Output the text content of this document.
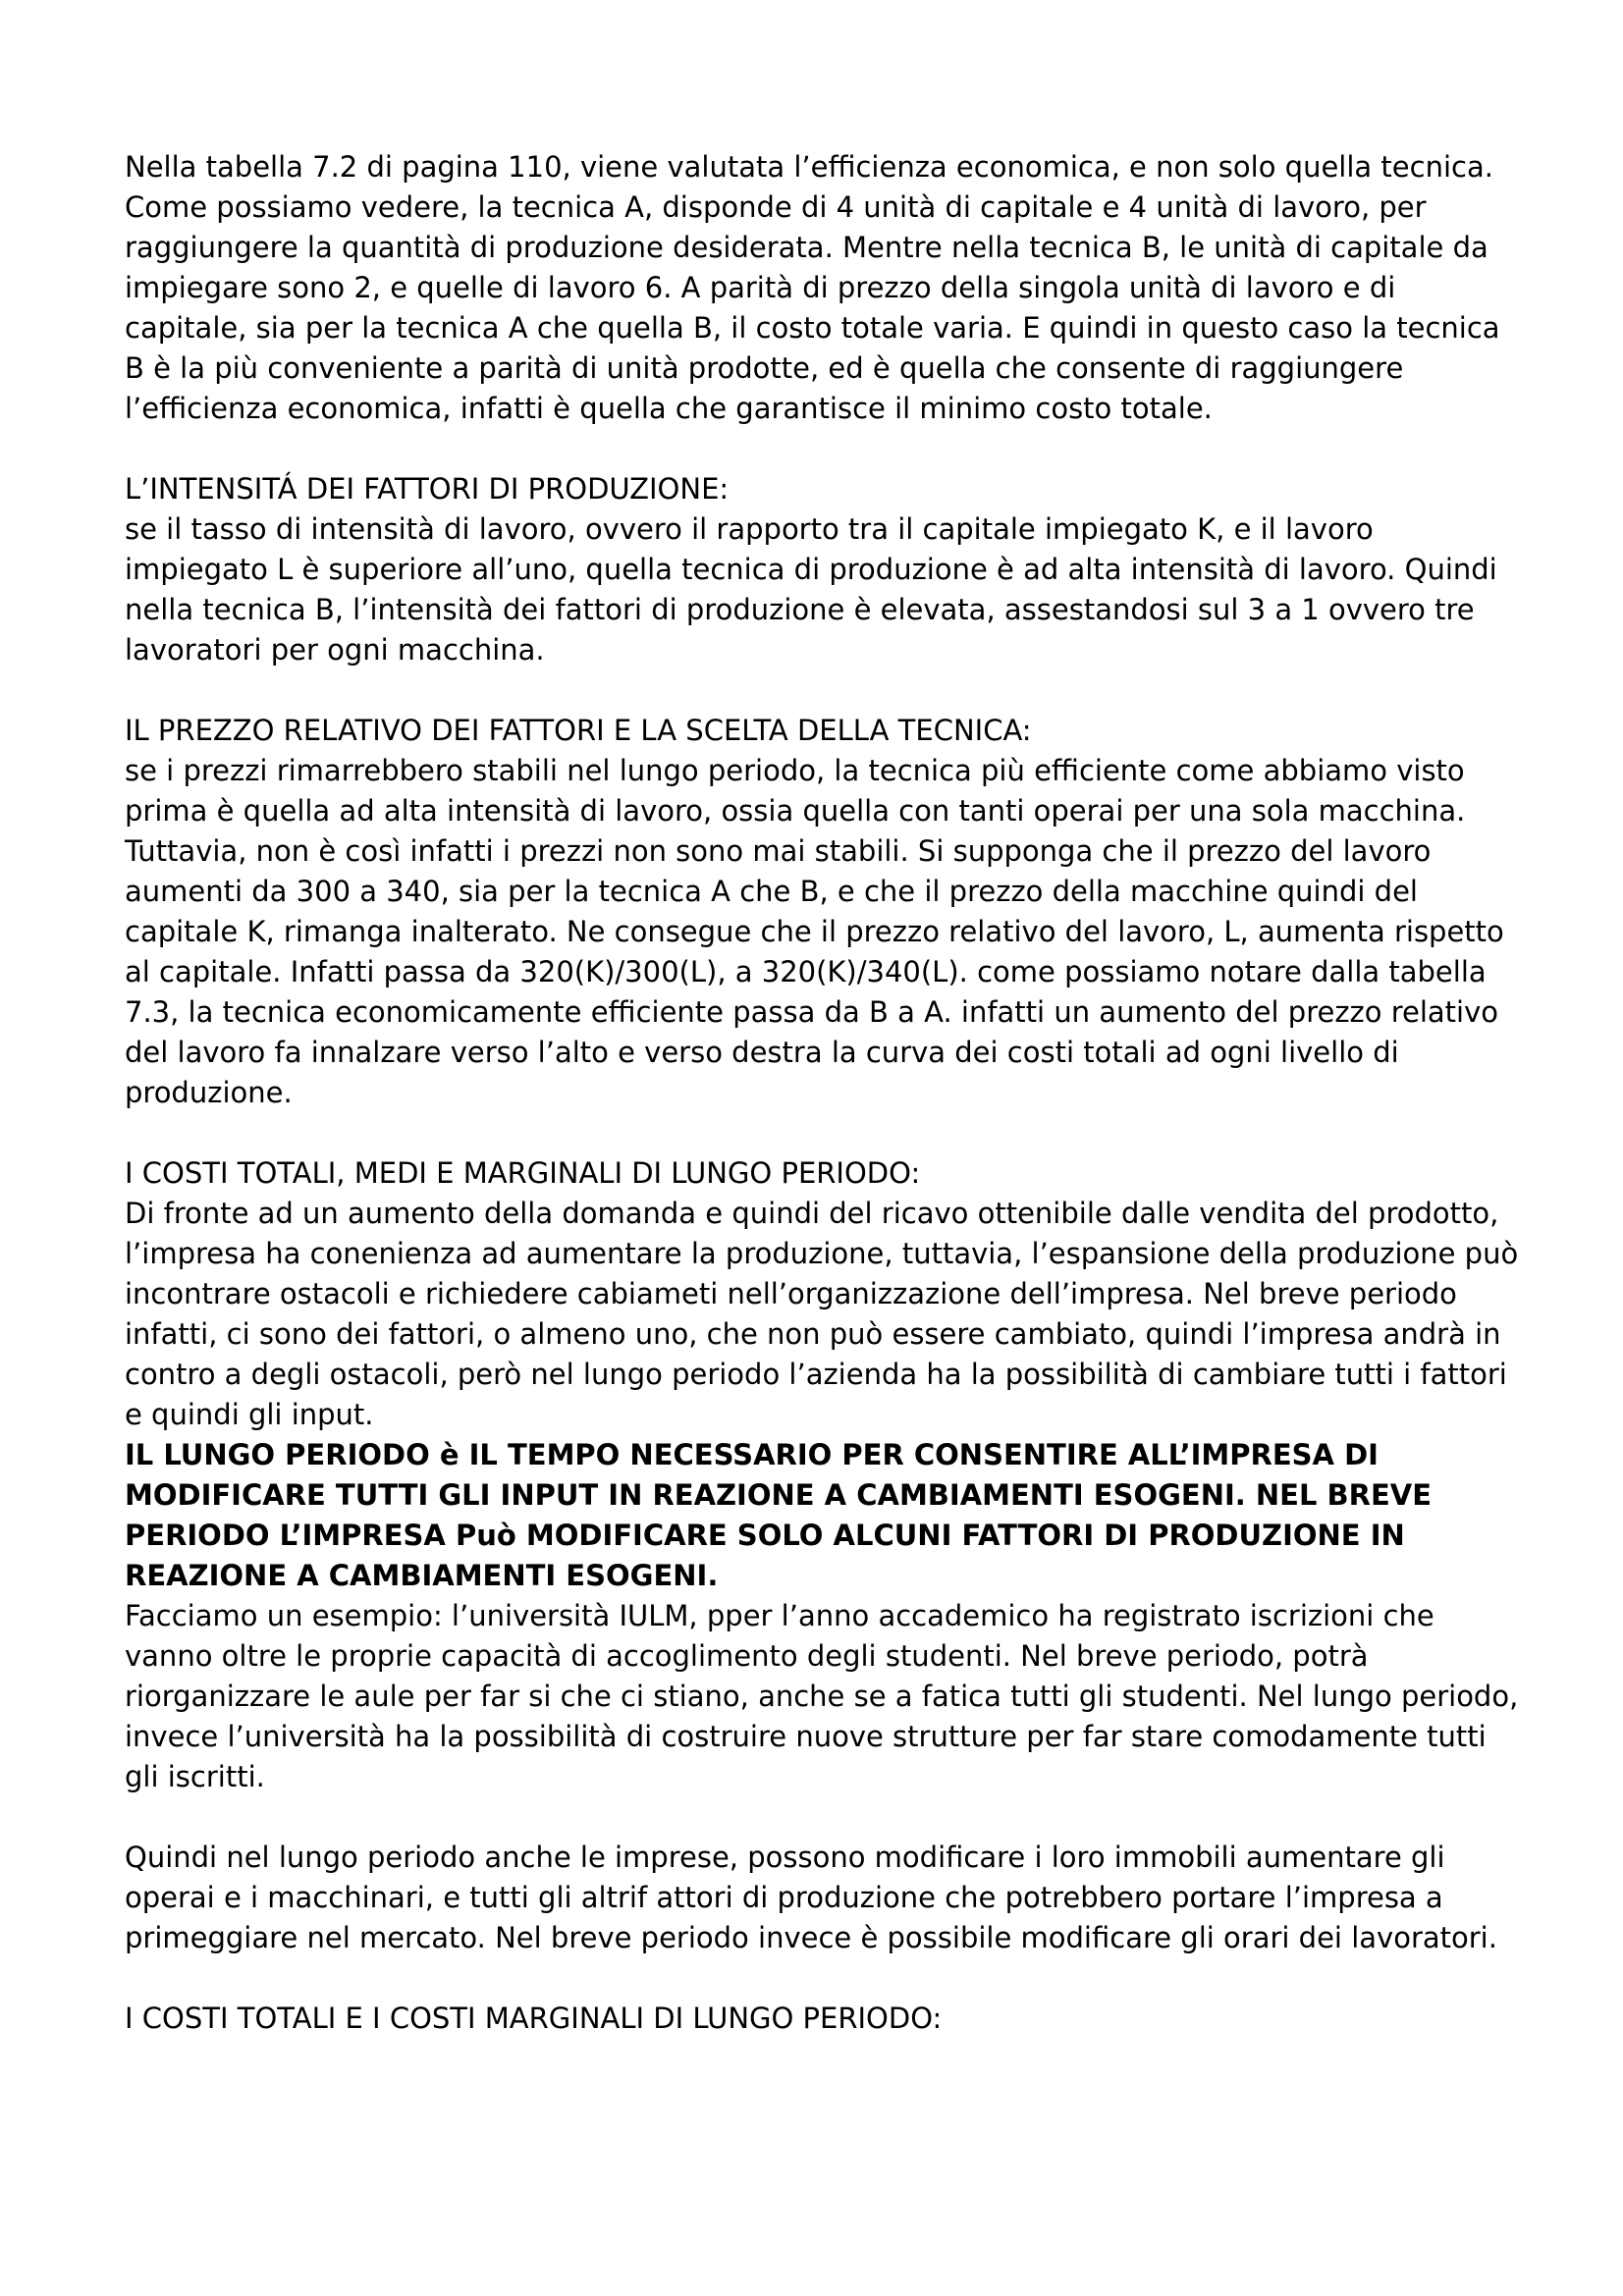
Nella tabella 7.2 di pagina 110, viene valutata l’efficienza economica, e non solo quella tecnica. Come possiamo vedere, la tecnica A, disponde di 4 unità di capitale e 4 unità di lavoro, per raggiungere la quantità di produzione desiderata. Mentre nella tecnica B, le unità di capitale da impiegare sono 2, e quelle di lavoro 6. A parità di prezzo della singola unità di lavoro e di capitale, sia per la tecnica A che quella B, il costo totale varia. E quindi in questo caso la tecnica B è la più conveniente a parità di unità prodotte, ed è quella che consente di raggiungere l’efficienza economica, infatti è quella che garantisce il minimo costo totale.

L’INTENSITÁ DEI FATTORI DI PRODUZIONE:

se il tasso di intensità di lavoro, ovvero il rapporto tra il capitale impiegato K, e il lavoro impiegato L è superiore all’uno, quella tecnica di produzione è ad alta intensità di lavoro. Quindi nella tecnica B, l’intensità dei fattori di produzione è elevata, assestandosi sul 3 a 1 ovvero tre lavoratori per ogni macchina.

IL PREZZO RELATIVO DEI FATTORI E LA SCELTA DELLA TECNICA:

se i prezzi rimarrebbero stabili nel lungo periodo, la tecnica più efficiente come abbiamo visto prima è quella ad alta intensità di lavoro, ossia quella con tanti operai per una sola macchina. Tuttavia, non è così infatti i prezzi non sono mai stabili. Si supponga che il prezzo del lavoro aumenti da 300 a 340, sia per la tecnica A che B, e che il prezzo della macchine quindi del capitale K, rimanga inalterato. Ne consegue che il prezzo relativo del lavoro, L, aumenta rispetto al capitale. Infatti passa da 320(K)/300(L), a 320(K)/340(L). come possiamo notare dalla tabella 7.3, la tecnica economicamente efficiente passa da B a A. infatti un aumento del prezzo relativo del lavoro fa innalzare verso l’alto e verso destra la curva dei costi totali ad ogni livello di produzione.

I COSTI TOTALI, MEDI E MARGINALI DI LUNGO PERIODO:

Di fronte ad un aumento della domanda e quindi del ricavo ottenibile dalle vendita del prodotto, l’impresa ha conenienza ad aumentare la produzione, tuttavia, l’espansione della produzione può incontrare ostacoli e richiedere cabiameti nell’organizzazione dell’impresa. Nel breve periodo infatti, ci sono dei fattori, o almeno uno, che non può essere cambiato, quindi l’impresa andrà in contro a degli ostacoli, però nel lungo periodo l’azienda ha la possibilità di cambiare tutti i fattori e quindi gli input.

IL LUNGO PERIODO è IL TEMPO NECESSARIO PER CONSENTIRE ALL’IMPRESA DI MODIFICARE TUTTI GLI INPUT IN REAZIONE A CAMBIAMENTI ESOGENI. NEL BREVE PERIODO L’IMPRESA Può MODIFICARE SOLO ALCUNI FATTORI DI PRODUZIONE IN REAZIONE A CAMBIAMENTI ESOGENI.

Facciamo un esempio: l’università IULM, pper l’anno accademico ha registrato iscrizioni che vanno oltre le proprie capacità di accoglimento degli studenti. Nel breve periodo, potrà riorganizzare le aule per far si che ci stiano, anche se a fatica tutti gli studenti. Nel lungo periodo, invece l’università ha la possibilità di costruire nuove strutture per far stare comodamente tutti gli iscritti.

Quindi nel lungo periodo anche le imprese, possono modificare i loro immobili aumentare gli operai e i macchinari, e tutti gli altrif attori di produzione che potrebbero portare l’impresa a primeggiare nel mercato. Nel breve periodo invece è possibile modificare gli orari dei lavoratori.

I COSTI TOTALI E I COSTI MARGINALI DI LUNGO PERIODO:
